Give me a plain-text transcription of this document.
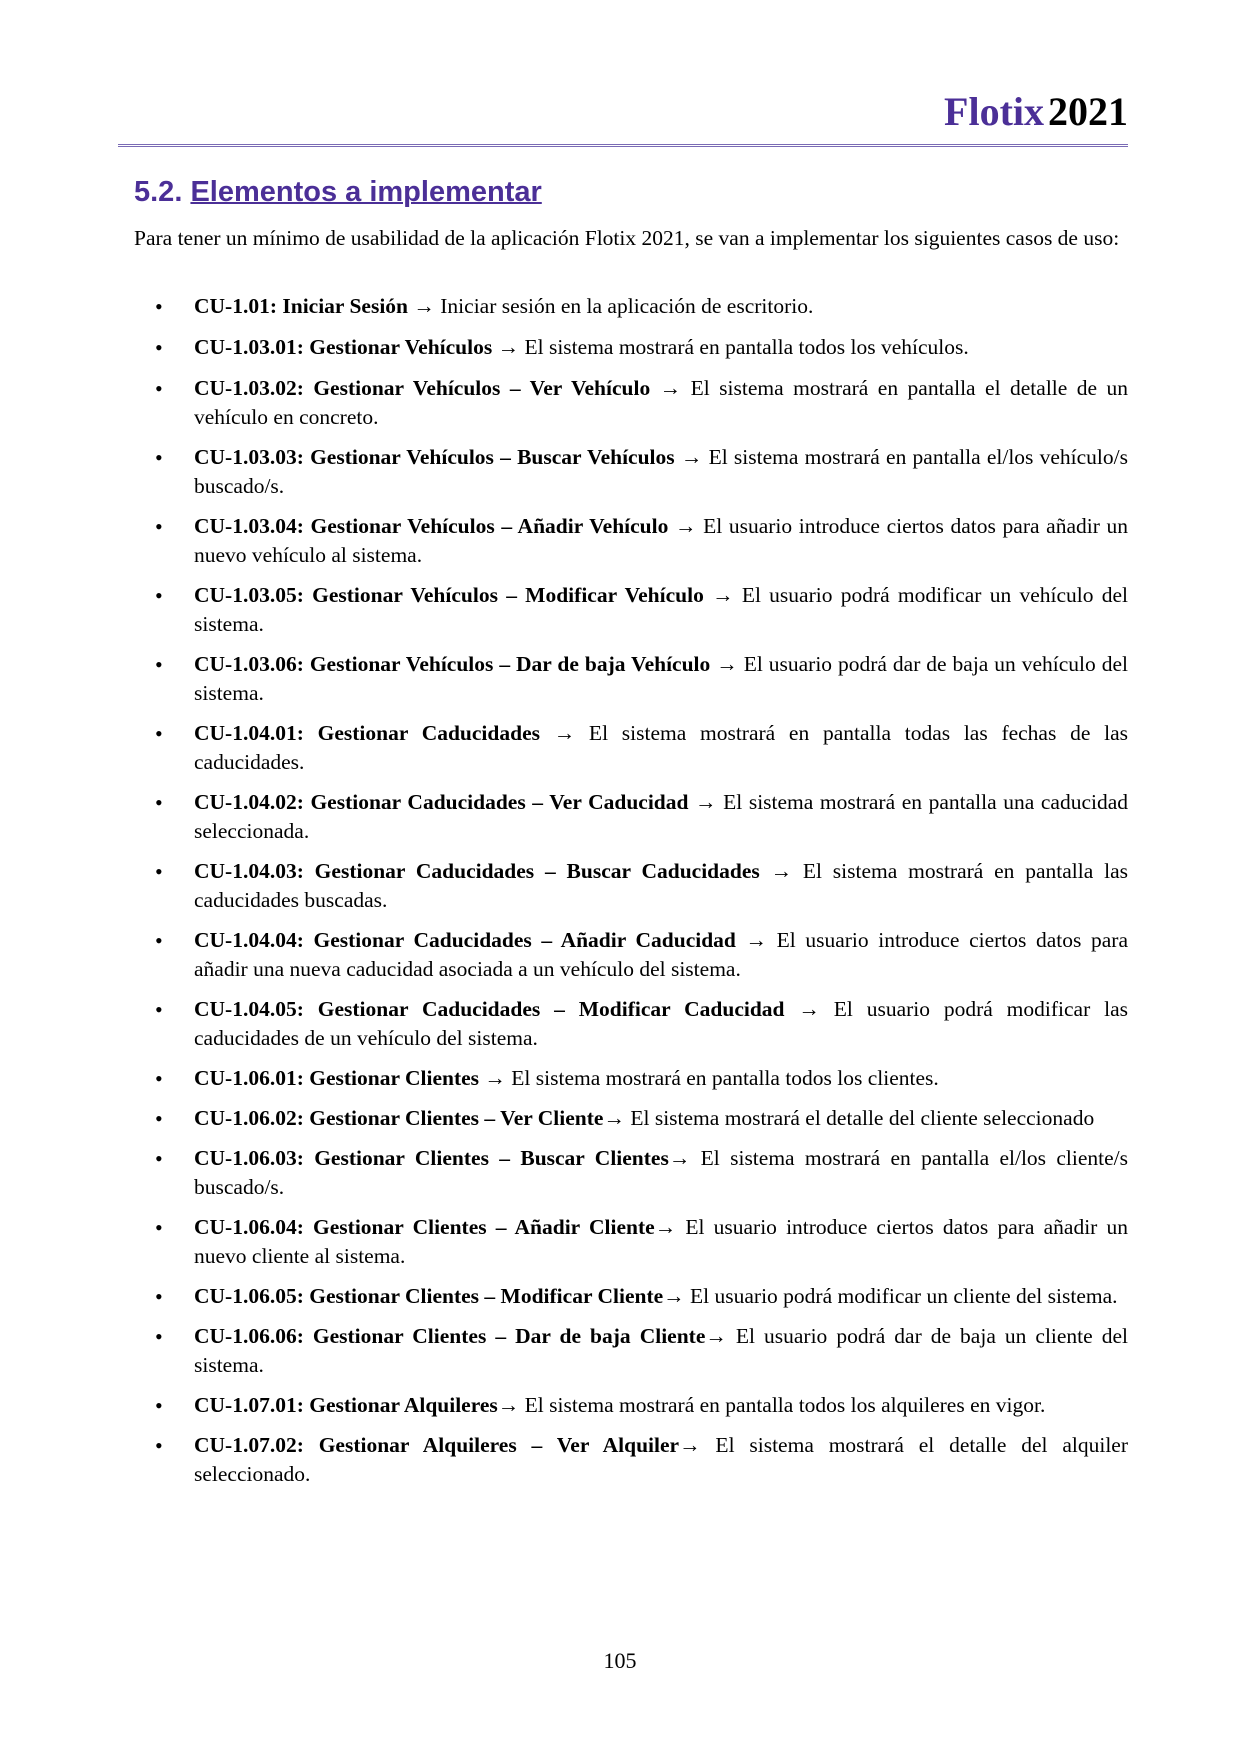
Flotix 2021
5.2. Elementos a implementar

Para tener un mínimo de usabilidad de la aplicación Flotix 2021, se van a implementar los siguientes casos de uso:

• CU-1.01: Iniciar Sesión → Iniciar sesión en la aplicación de escritorio.
• CU-1.03.01: Gestionar Vehículos → El sistema mostrará en pantalla todos los vehículos.
• CU-1.03.02: Gestionar Vehículos – Ver Vehículo → El sistema mostrará en pantalla el detalle de un vehículo en concreto.
• CU-1.03.03: Gestionar Vehículos – Buscar Vehículos → El sistema mostrará en pantalla el/los vehículo/s buscado/s.
• CU-1.03.04: Gestionar Vehículos – Añadir Vehículo → El usuario introduce ciertos datos para añadir un nuevo vehículo al sistema.
• CU-1.03.05: Gestionar Vehículos – Modificar Vehículo → El usuario podrá modificar un vehículo del sistema.
• CU-1.03.06: Gestionar Vehículos – Dar de baja Vehículo → El usuario podrá dar de baja un vehículo del sistema.
• CU-1.04.01: Gestionar Caducidades → El sistema mostrará en pantalla todas las fechas de las caducidades.
• CU-1.04.02: Gestionar Caducidades – Ver Caducidad → El sistema mostrará en pantalla una caducidad seleccionada.
• CU-1.04.03: Gestionar Caducidades – Buscar Caducidades → El sistema mostrará en pantalla las caducidades buscadas.
• CU-1.04.04: Gestionar Caducidades – Añadir Caducidad → El usuario introduce ciertos datos para añadir una nueva caducidad asociada a un vehículo del sistema.
• CU-1.04.05: Gestionar Caducidades – Modificar Caducidad → El usuario podrá modificar las caducidades de un vehículo del sistema.
• CU-1.06.01: Gestionar Clientes → El sistema mostrará en pantalla todos los clientes.
• CU-1.06.02: Gestionar Clientes – Ver Cliente→ El sistema mostrará el detalle del cliente seleccionado
• CU-1.06.03: Gestionar Clientes – Buscar Clientes→ El sistema mostrará en pantalla el/los cliente/s buscado/s.
• CU-1.06.04: Gestionar Clientes – Añadir Cliente→ El usuario introduce ciertos datos para añadir un nuevo cliente al sistema.
• CU-1.06.05: Gestionar Clientes – Modificar Cliente→ El usuario podrá modificar un cliente del sistema.
• CU-1.06.06: Gestionar Clientes – Dar de baja Cliente→ El usuario podrá dar de baja un cliente del sistema.
• CU-1.07.01: Gestionar Alquileres→ El sistema mostrará en pantalla todos los alquileres en vigor.
• CU-1.07.02: Gestionar Alquileres – Ver Alquiler→ El sistema mostrará el detalle del alquiler seleccionado.
105
